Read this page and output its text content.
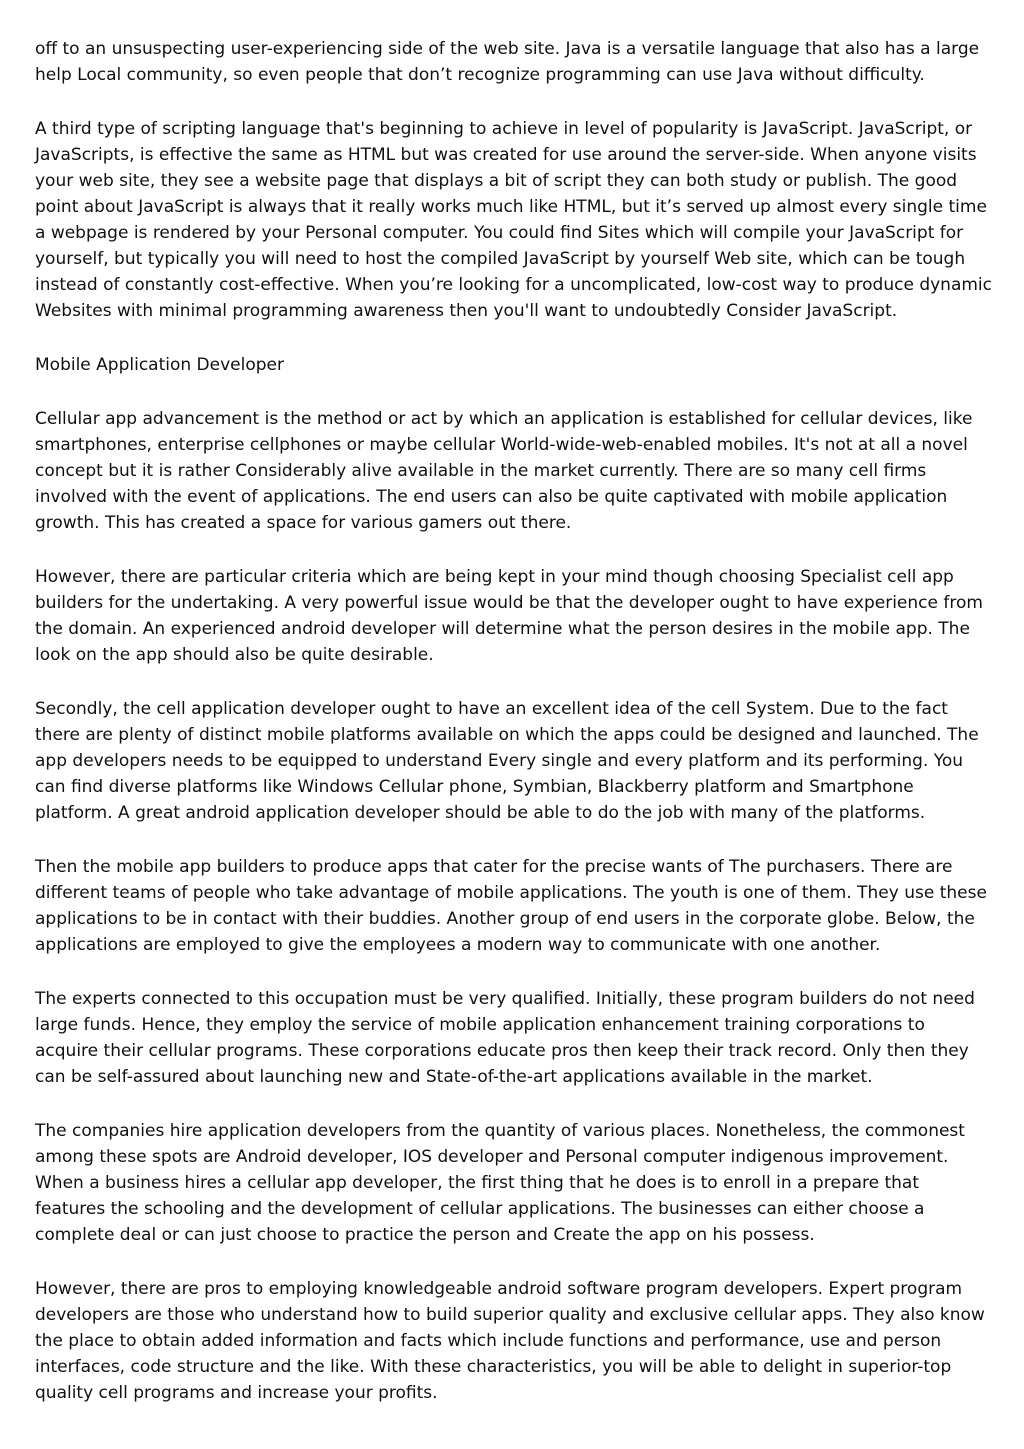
off to an unsuspecting user-experiencing side of the web site. Java is a versatile language that also has a large help Local community, so even people that don’t recognize programming can use Java without difficulty.

A third type of scripting language that's beginning to achieve in level of popularity is JavaScript. JavaScript, or JavaScripts, is effective the same as HTML but was created for use around the server-side. When anyone visits your web site, they see a website page that displays a bit of script they can both study or publish. The good point about JavaScript is always that it really works much like HTML, but it’s served up almost every single time a webpage is rendered by your Personal computer. You could find Sites which will compile your JavaScript for yourself, but typically you will need to host the compiled JavaScript by yourself Web site, which can be tough instead of constantly cost-effective. When you’re looking for a uncomplicated, low-cost way to produce dynamic Websites with minimal programming awareness then you'll want to undoubtedly Consider JavaScript.

Mobile Application Developer

Cellular app advancement is the method or act by which an application is established for cellular devices, like smartphones, enterprise cellphones or maybe cellular World-wide-web-enabled mobiles. It's not at all a novel concept but it is rather Considerably alive available in the market currently. There are so many cell firms involved with the event of applications. The end users can also be quite captivated with mobile application growth. This has created a space for various gamers out there.

However, there are particular criteria which are being kept in your mind though choosing Specialist cell app builders for the undertaking. A very powerful issue would be that the developer ought to have experience from the domain. An experienced android developer will determine what the person desires in the mobile app. The look on the app should also be quite desirable.

Secondly, the cell application developer ought to have an excellent idea of the cell System. Due to the fact there are plenty of distinct mobile platforms available on which the apps could be designed and launched. The app developers needs to be equipped to understand Every single and every platform and its performing. You can find diverse platforms like Windows Cellular phone, Symbian, Blackberry platform and Smartphone platform. A great android application developer should be able to do the job with many of the platforms.

Then the mobile app builders to produce apps that cater for the precise wants of The purchasers. There are different teams of people who take advantage of mobile applications. The youth is one of them. They use these applications to be in contact with their buddies. Another group of end users in the corporate globe. Below, the applications are employed to give the employees a modern way to communicate with one another.

The experts connected to this occupation must be very qualified. Initially, these program builders do not need large funds. Hence, they employ the service of mobile application enhancement training corporations to acquire their cellular programs. These corporations educate pros then keep their track record. Only then they can be self-assured about launching new and State-of-the-art applications available in the market.

The companies hire application developers from the quantity of various places. Nonetheless, the commonest among these spots are Android developer, IOS developer and Personal computer indigenous improvement. When a business hires a cellular app developer, the first thing that he does is to enroll in a prepare that features the schooling and the development of cellular applications. The businesses can either choose a complete deal or can just choose to practice the person and Create the app on his possess.

However, there are pros to employing knowledgeable android software program developers. Expert program developers are those who understand how to build superior quality and exclusive cellular apps. They also know the place to obtain added information and facts which include functions and performance, use and person interfaces, code structure and the like. With these characteristics, you will be able to delight in superior-top quality cell programs and increase your profits.
